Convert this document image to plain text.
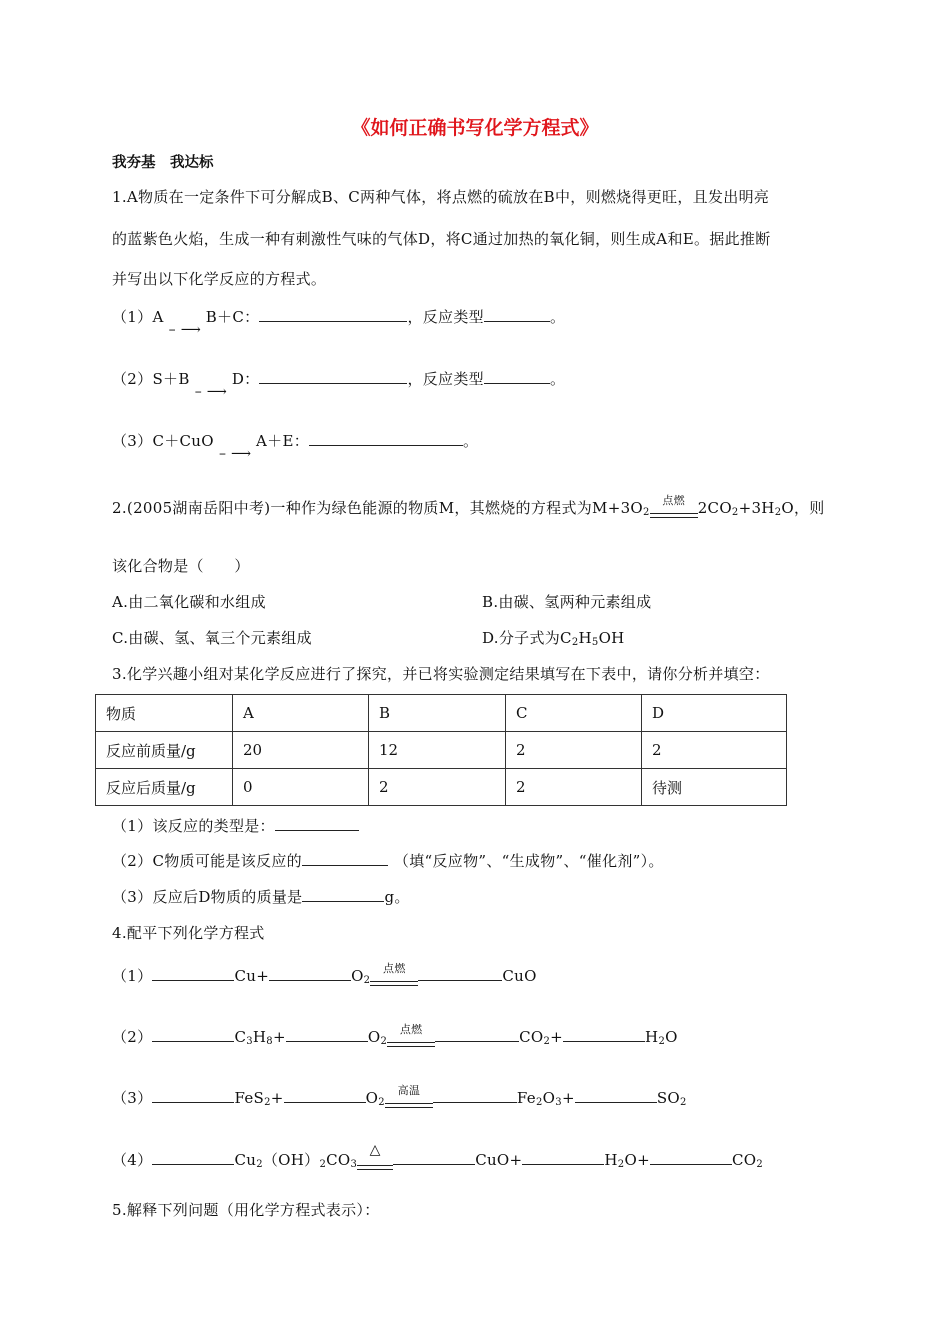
《如何正确书写化学方程式》
我夯基　我达标
1.A物质在一定条件下可分解成B、C两种气体，将点燃的硫放在B中，则燃烧得更旺，且发出明亮
的蓝紫色火焰，生成一种有刺激性气味的气体D，将C通过加热的氧化铜，则生成A和E。据此推断
并写出以下化学反应的方程式。
（1）A
– ⟶
B＋C：	，反应类型	。
（2）S＋B
– ⟶
D：	，反应类型	。
（3）C＋CuO
– ⟶
A＋E：	。
2.(2005湖南岳阳中考)一种作为绿色能源的物质M，其燃烧的方程式为$M+3O_2$
点燃 $2CO_2+3H_2O$，则
该化合物是（　　）
A.由二氧化碳和水组成	B.由碳、氢两种元素组成
C.由碳、氢、氧三个元素组成	D.分子式为$C_2H_5OH$
3.化学兴趣小组对某化学反应进行了探究，并已将实验测定结果填写在下表中，请你分析并填空：
物质	A	B	C	D
反应前质量/g	20	12	2	2
反应后质量/g	0	2	2	待测
（1）该反应的类型是：
（2）C物质可能是该反应的	（填“反应物”、“生成物”、“催化剂”）。
（3）反应后D物质的质量是	g。
4.配平下列化学方程式
（1）	Cu+	$O_2$
点燃	CuO
（2）	$C_3H_8+$	$O_2$
点燃	$CO_2+$	$H_2O$
（3）	FeS$_2$+	$O_2$
高温	$Fe_2O_3+$	$SO_2$
（4）	$Cu_2(OH)_2CO_3$
△
CuO+	$H_2O+$	$CO_2$
5.解释下列问题（用化学方程式表示）：
